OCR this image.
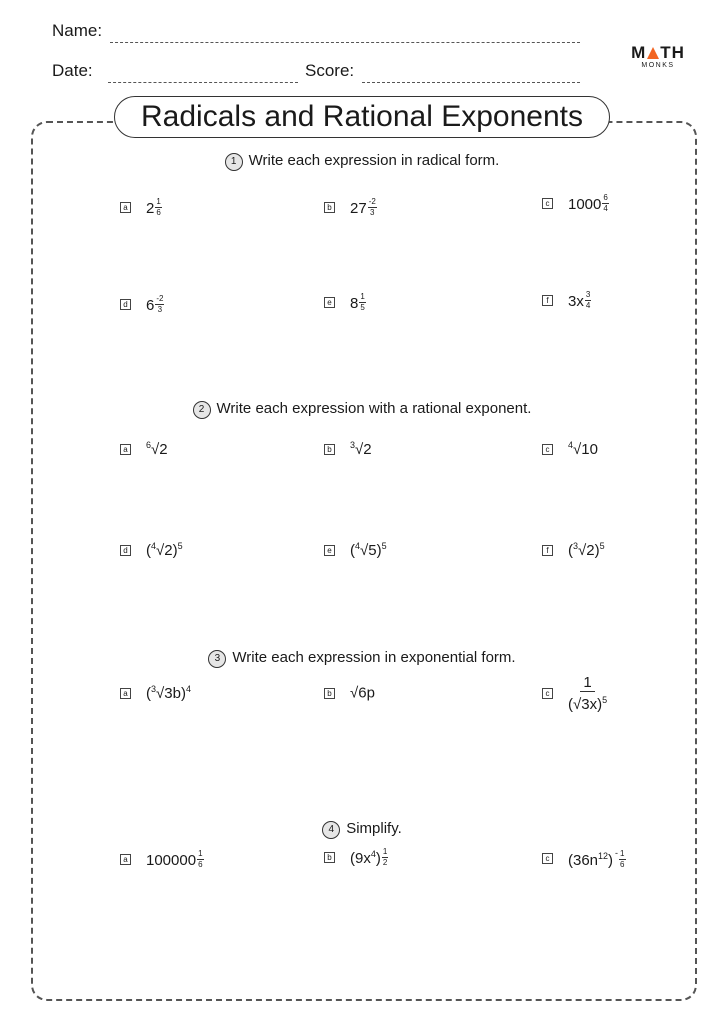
Name:
Date:	Score:
M TH
MONKS
Radicals and Rational Exponents
1 Write each expression in radical form.
a $2 \frac{1}{6}$	b $27 \frac{-2}{3}$	c $1000 \frac{6}{4}$
d $6 \frac{-2}{3}$	e $8 \frac{1}{5}$	f $3x \frac{3}{4}$
2 Write each expression with a rational exponent.
a $^6$√2	b $^3$√2	c $^4$√10
d $(^4√2)^5$	e $(^4√5)^5$	f $(^3√2)^5$
3 Write each expression in exponential form.
a $(^3√3b)^4$	b √6p	c $\frac{1}{(√3x)^5}$
4 Simplify.
a $100000 \frac{1}{6}$	b $(9x^4) \frac{1}{2}$	c $(36n^{12})$ $^- \frac{1}{6}$
